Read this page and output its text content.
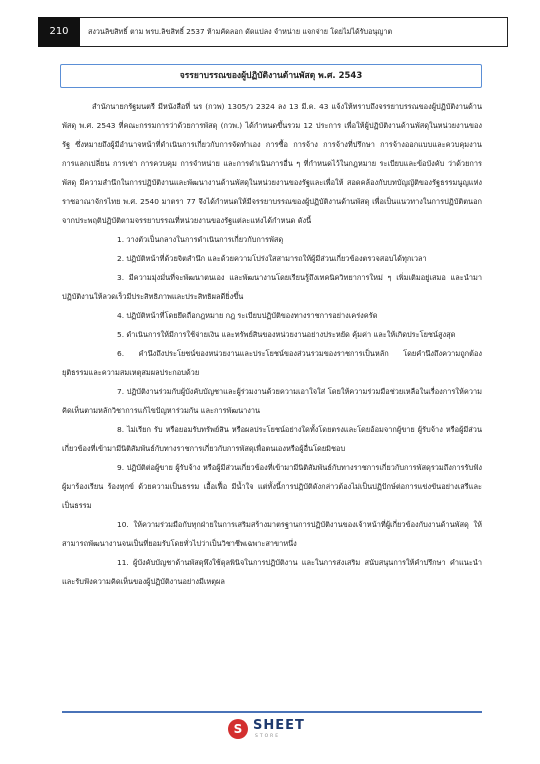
210	สงวนลิขสิทธิ์ ตาม พรบ.ลิขสิทธิ์ 2537 ห้ามคัดลอก ดัดแปลง จำหน่าย แจกจ่าย โดยไม่ได้รับอนุญาต
จรรยาบรรณของผู้ปฏิบัติงานด้านพัสดุ พ.ศ. 2543

สำนักนายกรัฐมนตรี มีหนังสือที่ นร (กวพ) 1305/ว 2324 ลง 13 มี.ค. 43 แจ้งให้ทราบถึงจรรยาบรรณของผู้ปฏิบัติงานด้านพัสดุ พ.ศ. 2543 ที่คณะกรรมการว่าด้วยการพัสดุ (กวพ.) ได้กำหนดขึ้นรวม 12 ประการ เพื่อให้ผู้ปฏิบัติงานด้านพัสดุในหน่วยงานของรัฐ ซึ่งหมายถึงผู้มีอำนาจหน้าที่ดำเนินการเกี่ยวกับการจัดทำเอง การซื้อ การจ้าง การจ้างที่ปรึกษา การจ้างออกแบบและควบคุมงาน การแลกเปลี่ยน การเช่า การควบคุม การจำหน่าย และการดำเนินการอื่น ๆ ที่กำหนดไว้ในกฎหมาย ระเบียบและข้อบังคับ ว่าด้วยการพัสดุ มีความสำนึกในการปฏิบัติงานและพัฒนางานด้านพัสดุในหน่วยงานของรัฐและเพื่อให้ สอดคล้องกับบทบัญญัติของรัฐธรรมนูญแห่งราชอาณาจักรไทย พ.ศ. 2540 มาตรา 77 จึงได้กำหนดให้มีจรรยาบรรณของผู้ปฏิบัติงานด้านพัสดุ เพื่อเป็นแนวทางในการปฏิบัติตนอกจากประพฤติปฏิบัติตามจรรยาบรรณที่หน่วยงานของรัฐแต่ละแห่งได้กำหนด ดังนี้

1. วางตัวเป็นกลางในการดำเนินการเกี่ยวกับการพัสดุ

2. ปฏิบัติหน้าที่ด้วยจิตสำนึก และด้วยความโปร่งใสสามารถให้ผู้มีส่วนเกี่ยวข้องตรวจสอบได้ทุกเวลา

3. มีความมุ่งมั่นที่จะพัฒนาตนเอง และพัฒนางานโดยเรียนรู้ถึงเทคนิควิทยาการใหม่ ๆ เพิ่มเติมอยู่เสมอ และนำมาปฏิบัติงานให้ลวดเร็วมีประสิทธิภาพและประสิทธิผลดียิ่งขึ้น

4. ปฏิบัติหน้าที่โดยยึดถือกฎหมาย กฎ ระเบียบปฏิบัติของทางราชการอย่างเคร่งครัด

5. ดำเนินการให้มีการใช้จ่ายเงิน และทรัพย์สินของหน่วยงานอย่างประหยัด คุ้มค่า และให้เกิดประโยชน์สูงสุด

6. คำนึงถึงประโยชน์ของหน่วยงานและประโยชน์ของส่วนรวมของราชการเป็นหลัก โดยคำนึงถึงความถูกต้อง ยุติธรรมและความสมเหตุสมผลประกอบด้วย

7. ปฏิบัติงานร่วมกับผู้บังคับบัญชาและผู้ร่วมงานด้วยความเอาใจใส่ โดยให้ความร่วมมือช่วยเหลือในเรื่องการให้ความคิดเห็นตามหลักวิชาการแก้ไขปัญหาร่วมกัน และการพัฒนางาน

8. ไม่เรียก รับ หรือยอมรับทรัพย์สิน หรือผลประโยชน์อย่างใดทั้งโดยตรงและโดยอ้อมจากผู้ขาย ผู้รับจ้าง หรือผู้มีส่วนเกี่ยวข้องที่เข้ามามีนิติสัมพันธ์กับทางราชการเกี่ยวกับการพัสดุเพื่อตนเองหรือผู้อื่นโดยมิชอบ

9. ปฏิบัติต่อผู้ขาย ผู้รับจ้าง หรือผู้มีส่วนเกี่ยวข้องที่เข้ามามีนิติสัมพันธ์กับทางราชการเกี่ยวกับการพัสดุรวมถึงการรับฟังผู้มาร้องเรียน ร้องทุกข์ ด้วยความเป็นธรรม เอื้อเฟื้อ มีน้ำใจ แต่ทั้งนี้การปฏิบัติดังกล่าวต้องไม่เป็นปฏิปักษ์ต่อการแข่งขันอย่างเสรีและเป็นธรรม

10. ให้ความร่วมมือกับทุกฝ่ายในการเสริมสร้างมาตรฐานการปฏิบัติงานของเจ้าหน้าที่ผู้เกี่ยวข้องกับงานด้านพัสดุ ให้สามารถพัฒนางานจนเป็นที่ยอมรับโดยทั่วไปว่าเป็นวิชาชีพเฉพาะสาขาหนึ่ง

11. ผู้บังคับบัญชาด้านพัสดุพึงใช้ดุลพินิจในการปฏิบัติงาน และในการส่งเสริม สนับสนุนการให้คำปรึกษา คำแนะนำ และรับฟังความคิดเห็นของผู้ปฏิบัติงานอย่างมีเหตุผล

S SHEET
STORE
